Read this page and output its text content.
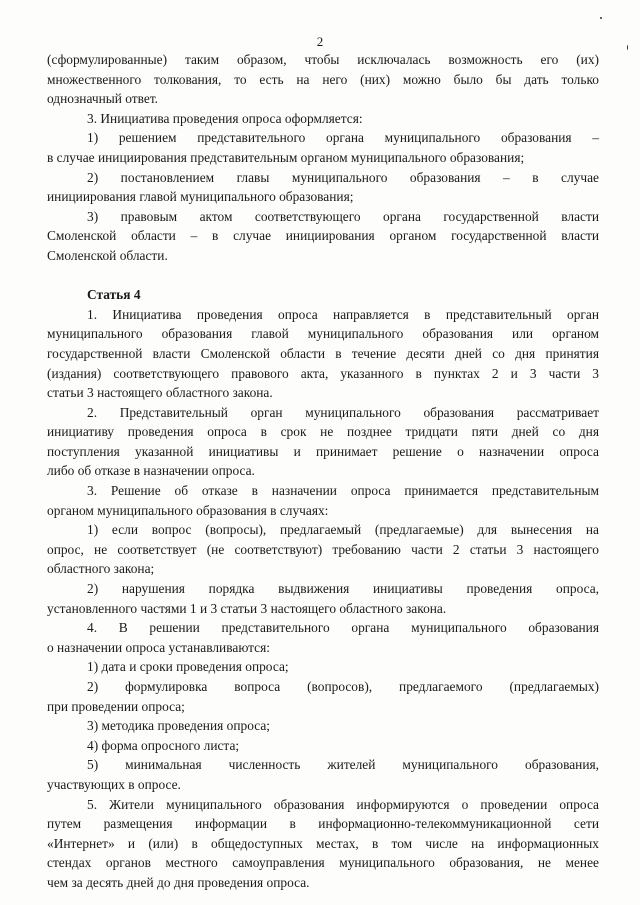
2

(сформулированные) таким образом, чтобы исключалась возможность его (их)

множественного толкования, то есть на него (них) можно было бы дать только

однозначный ответ.

3. Инициатива проведения опроса оформляется:

1) решением представительного органа муниципального образования –

в случае инициирования представительным органом муниципального образования;

2) постановлением главы муниципального образования – в случае

инициирования главой муниципального образования;

3) правовым актом соответствующего органа государственной власти

Смоленской области – в случае инициирования органом государственной власти

Смоленской области.

Статья 4

1. Инициатива проведения опроса направляется в представительный орган

муниципального образования главой муниципального образования или органом

государственной власти Смоленской области в течение десяти дней со дня принятия

(издания) соответствующего правового акта, указанного в пунктах 2 и 3 части 3

статьи 3 настоящего областного закона.

2. Представительный орган муниципального образования рассматривает

инициативу проведения опроса в срок не позднее тридцати пяти дней со дня

поступления указанной инициативы и принимает решение о назначении опроса

либо об отказе в назначении опроса.

3. Решение об отказе в назначении опроса принимается представительным

органом муниципального образования в случаях:

1) если вопрос (вопросы), предлагаемый (предлагаемые) для вынесения на

опрос, не соответствует (не соответствуют) требованию части 2 статьи 3 настоящего

областного закона;

2) нарушения порядка выдвижения инициативы проведения опроса,

установленного частями 1 и 3 статьи 3 настоящего областного закона.

4. В решении представительного органа муниципального образования

о назначении опроса устанавливаются:

1) дата и сроки проведения опроса;

2) формулировка вопроса (вопросов), предлагаемого (предлагаемых)

при проведении опроса;

3) методика проведения опроса;

4) форма опросного листа;

5) минимальная численность жителей муниципального образования,

участвующих в опросе.

5. Жители муниципального образования информируются о проведении опроса

путем размещения информации в информационно-телекоммуникационной сети

«Интернет» и (или) в общедоступных местах, в том числе на информационных

стендах органов местного самоуправления муниципального образования, не менее

чем за десять дней до дня проведения опроса.
